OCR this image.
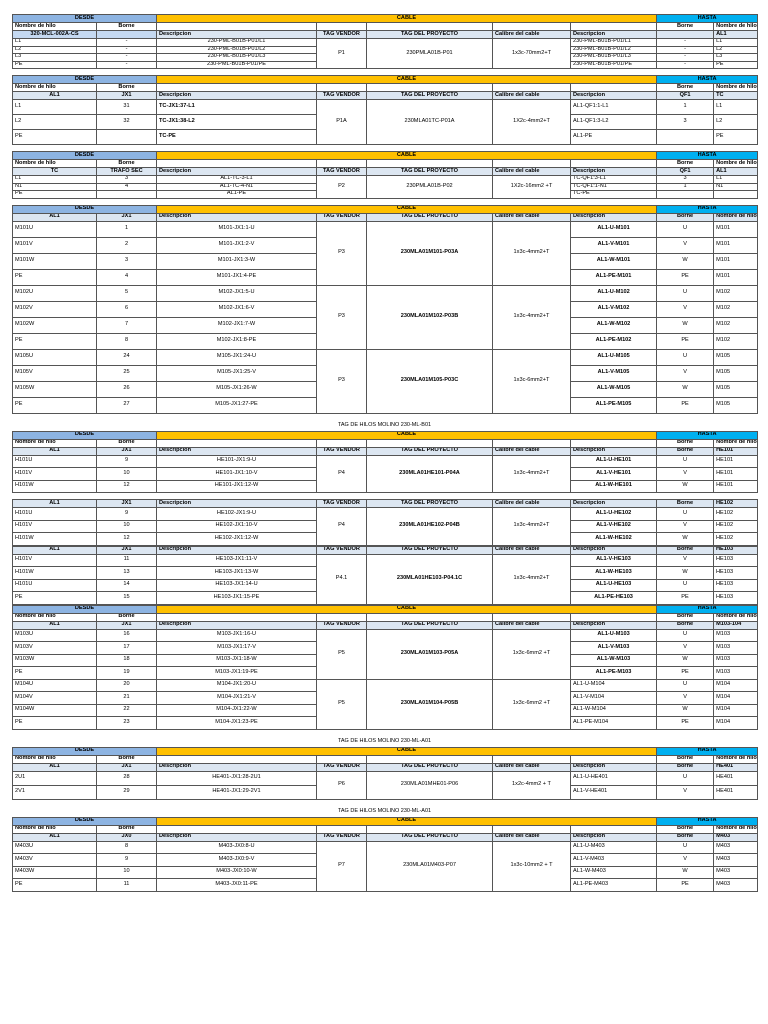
DESDE		CABLE					HASTA	
Nombre de hilo	Borne						Borne	Nombre de hilo
320-MCL-002A-CS		Descripcion	TAG VENDOR	TAG DEL PROYECTO	Calibre del cable	Descripcion		AL1
L1	-	230-PML-B01B-P01/L1	P1	230PMLA01B-P01	1x3c-70mm2+T	230-PML-B01B-P01/L1	-	L1
L2	-	230-PML-B01B-P01/L2				230-PML-B01B-P01/L2	-	L2
L3	-	230-PML-B01B-P01/L3				230-PML-B01B-P01/L3	-	L3
PE	-	230-PML-B01B-P01/PE				230-PML-B01B-P01/PE	-	PE
DESDE		CABLE					HASTA	
Nombre de hilo	Borne						Borne	Nombre de hilo
AL1	JX1	Descripcion	TAG VENDOR	TAG DEL PROYECTO	Calibre del cable	Descripcion	QF1	TC
L1	31	TC-JX1:37-L1	P1A	230MLA01TC-P01A	1X2c-4mm2+T	AL1-QF1:1-L1	1	L1
L2	32	TC-JX1:38-L2				AL1-QF1:3-L2	3	L2
PE		TC-PE				AL1-PE		PE
DESDE		CABLE					HASTA	
Nombre de hilo	Borne						Borne	Nombre de hilo
TC	TRAFO SEC	Descripcion	TAG VENDOR	TAG DEL PROYECTO	Calibre del cable	Descripcion	QF1	AL1
L1	3	AL1-TC-3-L1	P2	230PMLA01B-P02	1X2c-16mm2 +T	TC-QF1:3-L1	3	L1
N1	4	AL1-TC-4-N1				TC-QF1:1-N1	1	N1
PE		AL1-PE				TC-PE		
DESDE		CABLE					HASTA	
AL1	JX1	Descripcion	TAG VENDOR	TAG DEL PROYECTO	Calibre del cable	Descripcion	Borne	Nombre de hilo
M101U	1	M101-JX1:1-U	P3	230MLA01M101-P03A	1x3c-4mm2+T	AL1-U-M101	U	M101
M101V	2	M101-JX1:2-V				AL1-V-M101	V	M101
M101W	3	M101-JX1:3-W				AL1-W-M101	W	M101
PE	4	M101-JX1:4-PE				AL1-PE-M101	PE	M101
M102U	5	M102-JX1:5-U	P3	230MLA01M102-P03B	1x3c-4mm2+T	AL1-U-M102	U	M102
M102V	6	M102-JX1:6-V				AL1-V-M102	V	M102
M102W	7	M102-JX1:7-W				AL1-W-M102	W	M102
PE	8	M102-JX1:8-PE				AL1-PE-M102	PE	M102
M105U	24	M105-JX1:24-U	P3	230MLA01M105-P03C	1x3c-6mm2+T	AL1-U-M105	U	M105
M105V	25	M105-JX1:25-V				AL1-V-M105	V	M105
M105W	26	M105-JX1:26-W				AL1-W-M105	W	M105
PE	27	M105-JX1:27-PE				AL1-PE-M105	PE	M105
TAG DE HILOS MOLINO 230-ML-B01
DESDE		CABLE					HASTA	
Nombre de hilo	Borne						Borne	Nombre de hilo
AL1	JX1	Descripcion	TAG VENDOR	TAG DEL PROYECTO	Calibre del cable	Descripcion	Borne	HE101
H101U	9	HE101-JX1:9-U	P4	230MLA01HE101-P04A	1x3c-4mm2+T	AL1-U-HE101	U	HE101
H101V	10	HE101-JX1:10-V				AL1-V-HE101	V	HE101
H101W	12	HE101-JX1:12-W				AL1-W-HE101	W	HE101
AL1	JX1	Descripcion	TAG VENDOR	TAG DEL PROYECTO	Calibre del cable	Descripcion	Borne	HE102
H101U	9	HE102-JX1:9-U	P4	230MLA01HE102-P04B	1x3c-4mm2+T	AL1-U-HE102	U	HE102
H101V	10	HE102-JX1:10-V				AL1-V-HE102	V	HE102
H101W	12	HE102-JX1:12-W				AL1-W-HE102	W	HE102
AL1	JX1	Descripcion	TAG VENDOR	TAG DEL PROYECTO	Calibre del cable	Descripcion	Borne	HE103
H101V	11	HE103-JX1:11-V	P4.1	230MLA01HE103-P04.1C	1x3c-4mm2+T	AL1-V-HE103	V	HE103
H101W	13	HE103-JX1:13-W				AL1-W-HE103	W	HE103
H101U	14	HE103-JX1:14-U				AL1-U-HE103	U	HE103
PE	15	HE103-JX1:15-PE				AL1-PE-HE103	PE	HE103
DESDE		CABLE					HASTA	
Nombre de hilo	Borne						Borne	Nombre de hilo
AL1	JX1	Descripcion	TAG VENDOR	TAG DEL PROYECTO	Calibre del cable	Descripcion	Borne	M103-104
M103U	16	M103-JX1:16-U	P5	230MLA01M103-P05A	1x3c-6mm2 +T	AL1-U-M103	U	M103
M103V	17	M103-JX1:17-V				AL1-V-M103	V	M103
M103W	18	M103-JX1:18-W				AL1-W-M103	W	M103
PE	19	M103-JX1:19-PE				AL1-PE-M103	PE	M103
M104U	20	M104-JX1:20-U	P5	230MLA01M104-P05B	1x3c-6mm2 +T	AL1-U-M104	U	M104
M104V	21	M104-JX1:21-V				AL1-V-M104	V	M104
M104W	22	M104-JX1:22-W				AL1-W-M104	W	M104
PE	23	M104-JX1:23-PE				AL1-PE-M104	PE	M104
TAG DE HILOS MOLINO 230-ML-A01
DESDE		CABLE					HASTA	
Nombre de hilo	Borne						Borne	Nombre de hilo
AL1	JX1	Descripcion	TAG VENDOR	TAG DEL PROYECTO	Calibre del cable	Descripcion	Borne	HE401
2U1	28	HE401-JX1:28-2U1	P6	230MLA01MHE01-P06	1x2c-4mm2 + T	AL1-U-HE401	U	HE401
2V1	29	HE401-JX1:29-2V1				AL1-V-HE401	V	HE401
TAG DE HILOS MOLINO 230-ML-A01
DESDE		CABLE					HASTA	
Nombre de hilo	Borne						Borne	Nombre de hilo
AL1	JX0	Descripcion	TAG VENDOR	TAG DEL PROYECTO	Calibre del cable	Descripcion	Borne	M403
M403U	8	M403-JX0:8-U	P7	230MLA01M403-P07	1x3c-10mm2 + T	AL1-U-M403	U	M403
M403V	9	M403-JX0:9-V				AL1-V-M403	V	M403
M403W	10	M403-JX0:10-W				AL1-W-M403	W	M403
PE	11	M403-JX0:11-PE				AL1-PE-M403	PE	M403
